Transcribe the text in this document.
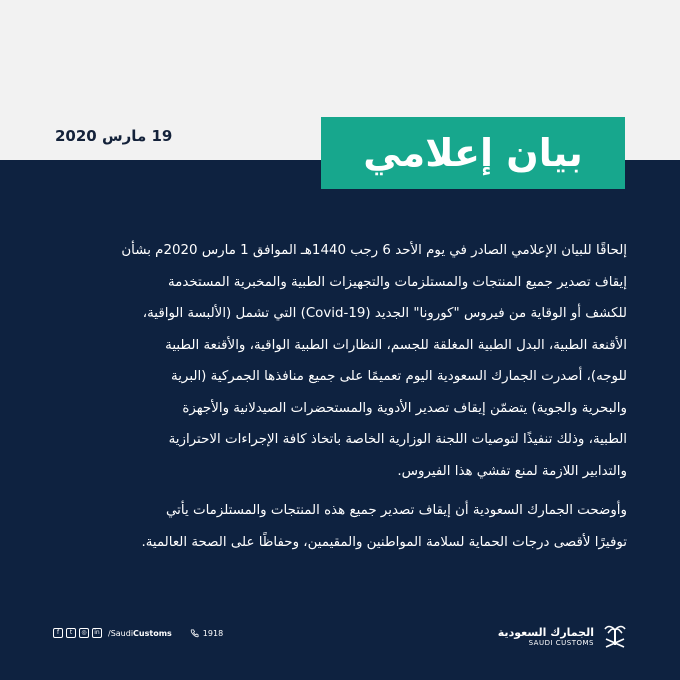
19 مارس 2020	بيان إعلامي
إلحاقًا للبيان الإعلامي الصادر في يوم الأحد 6 رجب 1440هـ الموافق 1 مارس 2020م بشأن
إيقاف تصدير جميع المنتجات والمستلزمات والتجهيزات الطبية والمخبرية المستخدمة
للكشف أو الوقاية من فيروس "كورونا" الجديد (Covid-19) التي تشمل (الألبسة الواقية،
الأقنعة الطبية، البدل الطبية المغلقة للجسم، النظارات الطبية الواقية، والأقنعة الطبية
للوجه)، أصدرت الجمارك السعودية اليوم تعميمًا على جميع منافذها الجمركية (البرية
والبحرية والجوية) يتضمّن إيقاف تصدير الأدوية والمستحضرات الصيدلانية والأجهزة
الطبية، وذلك تنفيذًا لتوصيات اللجنة الوزارية الخاصة باتخاذ كافة الإجراءات الاحترازية
والتدابير اللازمة لمنع تفشي هذا الفيروس.
وأوضحت الجمارك السعودية أن إيقاف تصدير جميع هذه المنتجات والمستلزمات يأتي
توفيرًا لأقصى درجات الحماية لسلامة المواطنين والمقيمين، وحفاظًا على الصحة العالمية.
الجمارك السعودية
SAUDI CUSTOMS
f	t	◎	in /SaudiCustoms	1918
